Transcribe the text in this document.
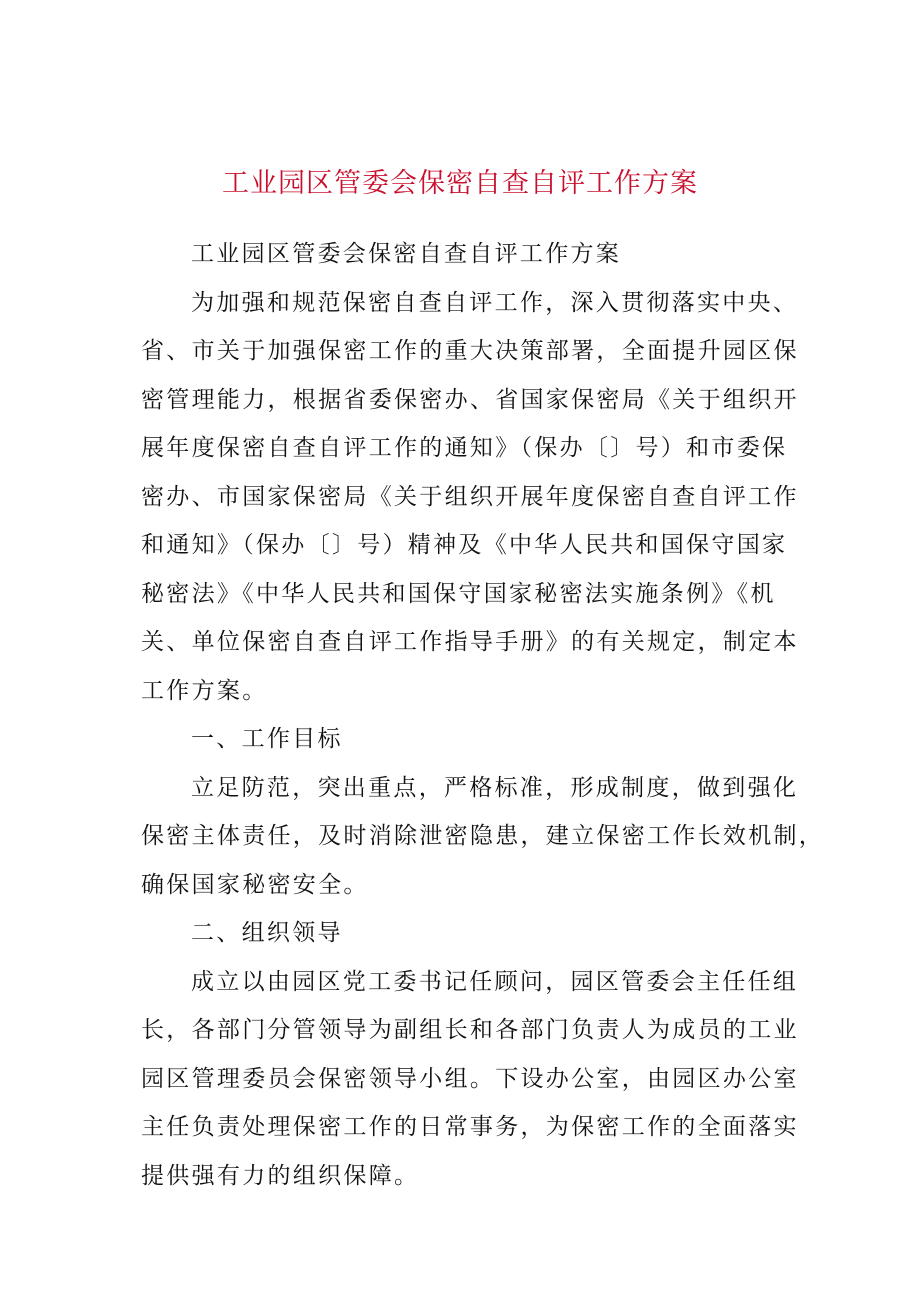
工业园区管委会保密自查自评工作方案
工业园区管委会保密自查自评工作方案
为加强和规范保密自查自评工作，深入贯彻落实中央、
省、市关于加强保密工作的重大决策部署，全面提升园区保
密管理能力，根据省委保密办、省国家保密局《关于组织开
展年度保密自查自评工作的通知》（保办〔〕号）和市委保
密办、市国家保密局《关于组织开展年度保密自查自评工作
和通知》（保办〔〕号）精神及《中华人民共和国保守国家
秘密法》《中华人民共和国保守国家秘密法实施条例》《机
关、单位保密自查自评工作指导手册》的有关规定，制定本
工作方案。
一、工作目标
立足防范，突出重点，严格标准，形成制度，做到强化
保密主体责任，及时消除泄密隐患，建立保密工作长效机制，
确保国家秘密安全。
二、组织领导
成立以由园区党工委书记任顾问，园区管委会主任任组
长，各部门分管领导为副组长和各部门负责人为成员的工业
园区管理委员会保密领导小组。下设办公室，由园区办公室
主任负责处理保密工作的日常事务，为保密工作的全面落实
提供强有力的组织保障。
